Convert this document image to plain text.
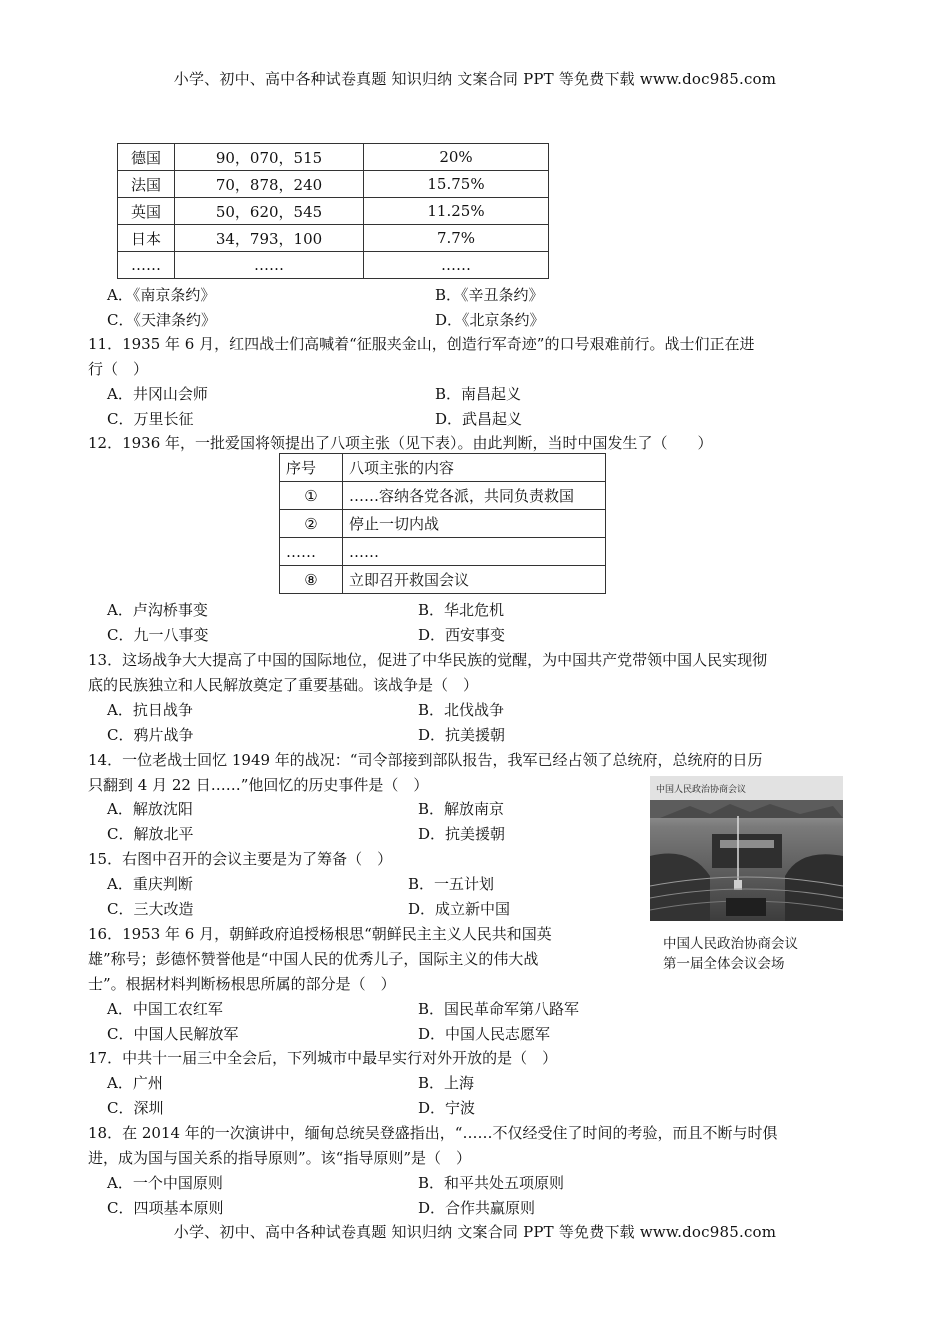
小学、初中、高中各种试卷真题 知识归纳 文案合同 PPT 等免费下载 www.doc985.com
德国	90，070，515	20%
法国	70，878，240	15.75%
英国	50，620，545	11.25%
日本	34，793，100	7.7%
……	……	……
A．《南京条约》	B．《辛丑条约》
C．《天津条约》	D．《北京条约》
11．1935 年 6 月，红四战士们高喊着“征服夹金山，创造行军奇迹”的口号艰难前行。战士们正在进
行（　）
A．井冈山会师	B．南昌起义
C．万里长征	D．武昌起义
12．1936 年，一批爱国将领提出了八项主张（见下表）。由此判断，当时中国发生了（　　）
序号	八项主张的内容
①	……容纳各党各派，共同负责救国
②	停止一切内战
……	……
⑧	立即召开救国会议
A．卢沟桥事变	B．华北危机
C．九一八事变	D．西安事变
13．这场战争大大提高了中国的国际地位，促进了中华民族的觉醒，为中国共产党带领中国人民实现彻
底的民族独立和人民解放奠定了重要基础。该战争是（　）
A．抗日战争	B．北伐战争
C．鸦片战争	D．抗美援朝
14．一位老战士回忆 1949 年的战况：“司令部接到部队报告，我军已经占领了总统府，总统府的日历
只翻到 4 月 22 日……”他回忆的历史事件是（　）
A．解放沈阳	B．解放南京
C．解放北平	D．抗美援朝
中国人民政治协商会议
中国人民政治协商会议
第一届全体会议会场
15．右图中召开的会议主要是为了筹备（　）
A．重庆判断	B．一五计划
C．三大改造	D．成立新中国
16．1953 年 6 月，朝鲜政府追授杨根思“朝鲜民主主义人民共和国英
雄”称号；彭德怀赞誉他是“中国人民的优秀儿子，国际主义的伟大战
士”。根据材料判断杨根思所属的部分是（　）
A．中国工农红军	B．国民革命军第八路军
C．中国人民解放军	D．中国人民志愿军
17．中共十一届三中全会后，下列城市中最早实行对外开放的是（　）
A．广州	B．上海
C．深圳	D．宁波
18．在 2014 年的一次演讲中，缅甸总统吴登盛指出，“……不仅经受住了时间的考验，而且不断与时俱
进，成为国与国关系的指导原则”。该“指导原则”是（　）
A．一个中国原则	B．和平共处五项原则
C．四项基本原则	D．合作共赢原则
小学、初中、高中各种试卷真题 知识归纳 文案合同 PPT 等免费下载 www.doc985.com
